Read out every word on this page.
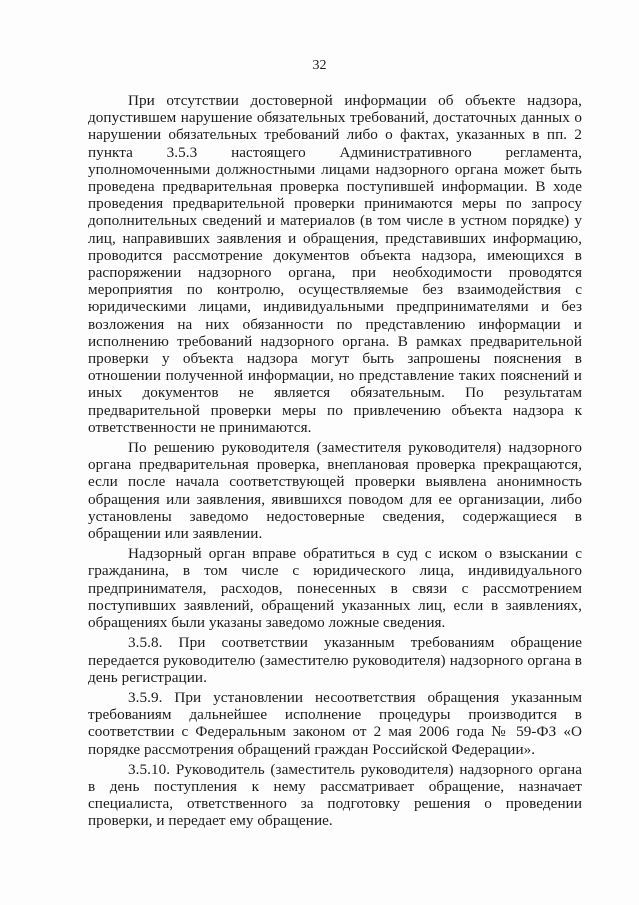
32

При отсутствии достоверной информации об объекте надзора, допустившем нарушение обязательных требований, достаточных данных о нарушении обязательных требований либо о фактах, указанных в пп. 2 пункта 3.5.3 настоящего Административного регламента, уполномоченными должностными лицами надзорного органа может быть проведена предварительная проверка поступившей информации. В ходе проведения предварительной проверки принимаются меры по запросу дополнительных сведений и материалов (в том числе в устном порядке) у лиц, направивших заявления и обращения, представивших информацию, проводится рассмотрение документов объекта надзора, имеющихся в распоряжении надзорного органа, при необходимости проводятся мероприятия по контролю, осуществляемые без взаимодействия с юридическими лицами, индивидуальными предпринимателями и без возложения на них обязанности по представлению информации и исполнению требований надзорного органа. В рамках предварительной проверки у объекта надзора могут быть запрошены пояснения в отношении полученной информации, но представление таких пояснений и иных документов не является обязательным. По результатам предварительной проверки меры по привлечению объекта надзора к ответственности не принимаются.

По решению руководителя (заместителя руководителя) надзорного органа предварительная проверка, внеплановая проверка прекращаются, если после начала соответствующей проверки выявлена анонимность обращения или заявления, явившихся поводом для ее организации, либо установлены заведомо недостоверные сведения, содержащиеся в обращении или заявлении.

Надзорный орган вправе обратиться в суд с иском о взыскании с гражданина, в том числе с юридического лица, индивидуального предпринимателя, расходов, понесенных в связи с рассмотрением поступивших заявлений, обращений указанных лиц, если в заявлениях, обращениях были указаны заведомо ложные сведения.

3.5.8. При соответствии указанным требованиям обращение передается руководителю (заместителю руководителя) надзорного органа в день регистрации.

3.5.9. При установлении несоответствия обращения указанным требованиям дальнейшее исполнение процедуры производится в соответствии с Федеральным законом от 2 мая 2006 года № 59-ФЗ «О порядке рассмотрения обращений граждан Российской Федерации».

3.5.10. Руководитель (заместитель руководителя) надзорного органа в день поступления к нему рассматривает обращение, назначает специалиста, ответственного за подготовку решения о проведении проверки, и передает ему обращение.
